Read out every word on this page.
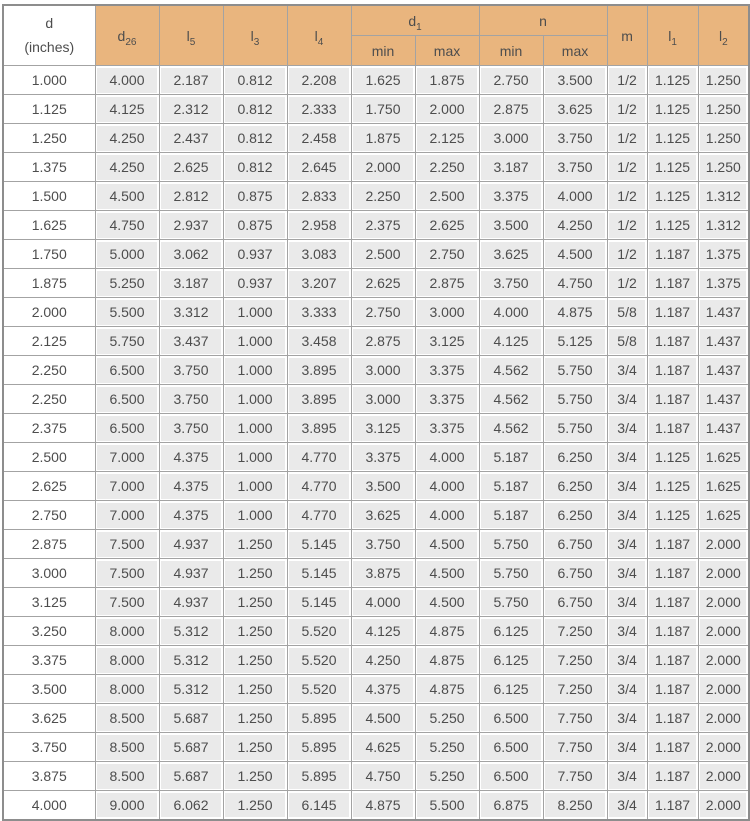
d
(inches)	$d_{26}$	$l_5$	$l_3$	$l_4$	$d_1$		n		m	$l_1$	$l_2$
					min	max	min	max			
1.000	4.000	2.187	0.812	2.208	1.625	1.875	2.750	3.500	1/2	1.125	1.250
1.125	4.125	2.312	0.812	2.333	1.750	2.000	2.875	3.625	1/2	1.125	1.250
1.250	4.250	2.437	0.812	2.458	1.875	2.125	3.000	3.750	1/2	1.125	1.250
1.375	4.250	2.625	0.812	2.645	2.000	2.250	3.187	3.750	1/2	1.125	1.250
1.500	4.500	2.812	0.875	2.833	2.250	2.500	3.375	4.000	1/2	1.125	1.312
1.625	4.750	2.937	0.875	2.958	2.375	2.625	3.500	4.250	1/2	1.125	1.312
1.750	5.000	3.062	0.937	3.083	2.500	2.750	3.625	4.500	1/2	1.187	1.375
1.875	5.250	3.187	0.937	3.207	2.625	2.875	3.750	4.750	1/2	1.187	1.375
2.000	5.500	3.312	1.000	3.333	2.750	3.000	4.000	4.875	5/8	1.187	1.437
2.125	5.750	3.437	1.000	3.458	2.875	3.125	4.125	5.125	5/8	1.187	1.437
2.250	6.500	3.750	1.000	3.895	3.000	3.375	4.562	5.750	3/4	1.187	1.437
2.250	6.500	3.750	1.000	3.895	3.000	3.375	4.562	5.750	3/4	1.187	1.437
2.375	6.500	3.750	1.000	3.895	3.125	3.375	4.562	5.750	3/4	1.187	1.437
2.500	7.000	4.375	1.000	4.770	3.375	4.000	5.187	6.250	3/4	1.125	1.625
2.625	7.000	4.375	1.000	4.770	3.500	4.000	5.187	6.250	3/4	1.125	1.625
2.750	7.000	4.375	1.000	4.770	3.625	4.000	5.187	6.250	3/4	1.125	1.625
2.875	7.500	4.937	1.250	5.145	3.750	4.500	5.750	6.750	3/4	1.187	2.000
3.000	7.500	4.937	1.250	5.145	3.875	4.500	5.750	6.750	3/4	1.187	2.000
3.125	7.500	4.937	1.250	5.145	4.000	4.500	5.750	6.750	3/4	1.187	2.000
3.250	8.000	5.312	1.250	5.520	4.125	4.875	6.125	7.250	3/4	1.187	2.000
3.375	8.000	5.312	1.250	5.520	4.250	4.875	6.125	7.250	3/4	1.187	2.000
3.500	8.000	5.312	1.250	5.520	4.375	4.875	6.125	7.250	3/4	1.187	2.000
3.625	8.500	5.687	1.250	5.895	4.500	5.250	6.500	7.750	3/4	1.187	2.000
3.750	8.500	5.687	1.250	5.895	4.625	5.250	6.500	7.750	3/4	1.187	2.000
3.875	8.500	5.687	1.250	5.895	4.750	5.250	6.500	7.750	3/4	1.187	2.000
4.000	9.000	6.062	1.250	6.145	4.875	5.500	6.875	8.250	3/4	1.187	2.000
